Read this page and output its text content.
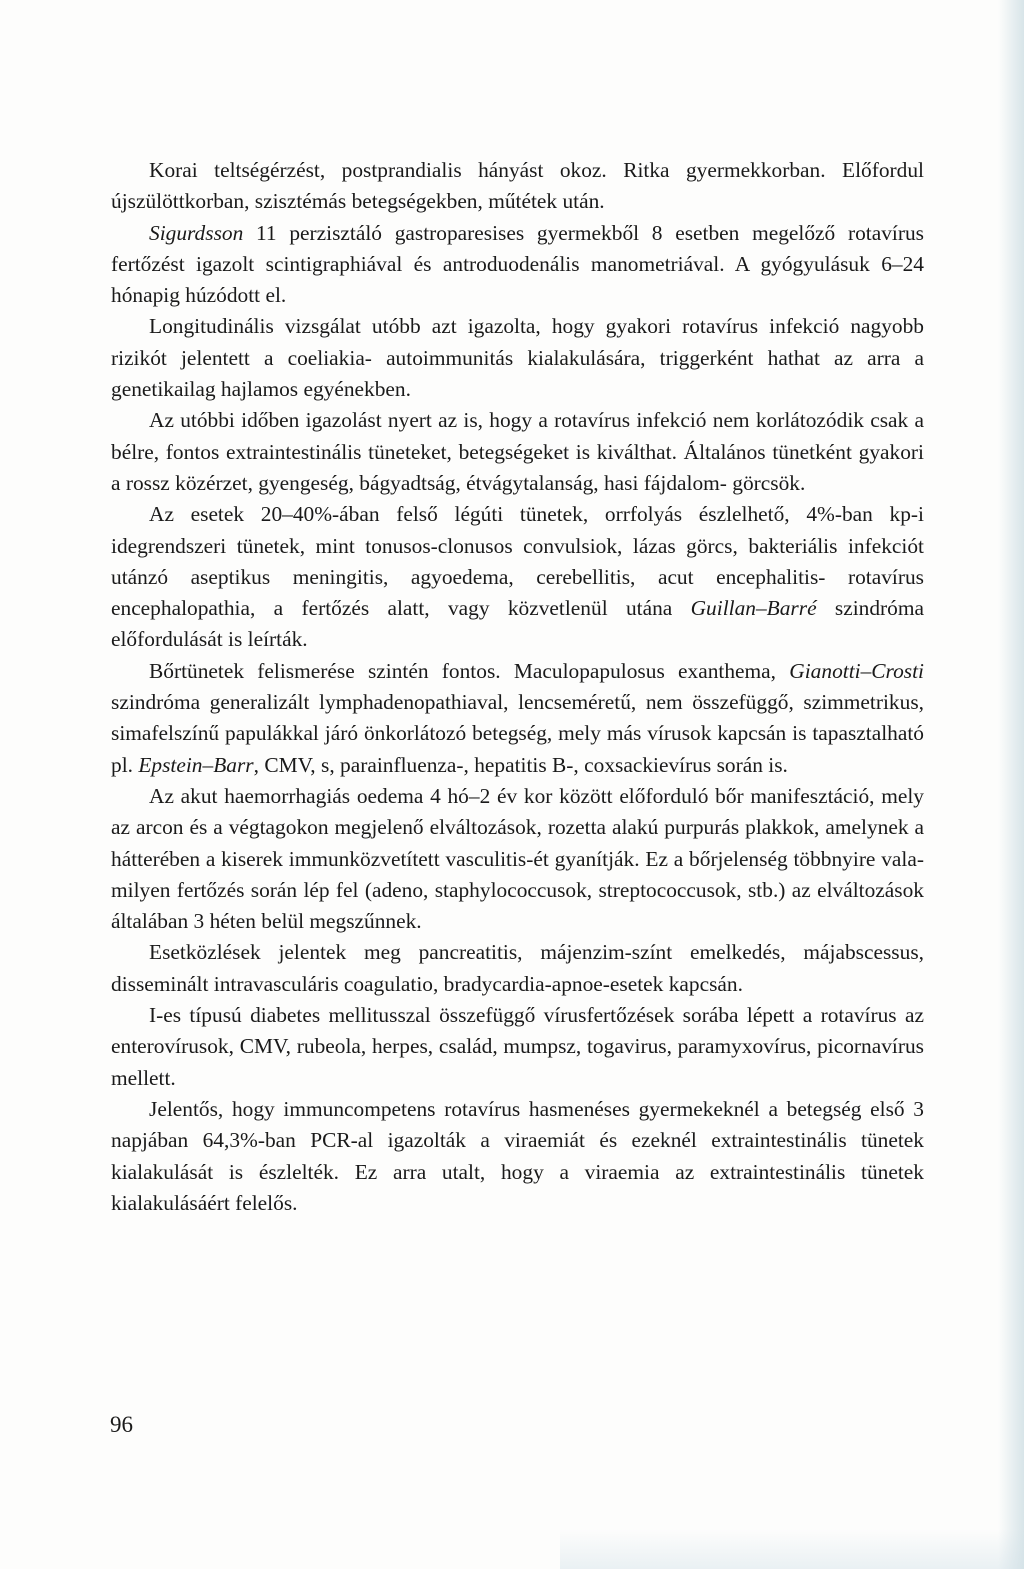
Korai teltségérzést, postprandialis hányást okoz. Ritka gyermekkorban. Előfordul újszülöttkorban, szisztémás betegségekben, műtétek után.

Sigurdsson 11 perzisztáló gastroparesises gyermekből 8 esetben megelőző rotavírus fertőzést igazolt scintigraphiával és antroduodenális manometriával. A gyógyulásuk 6–24 hónapig húzódott el.

Longitudinális vizsgálat utóbb azt igazolta, hogy gyakori rotavírus infekció nagyobb rizikót jelentett a coeliakia- autoimmunitás kialakulására, triggerként hathat az arra a genetikailag hajlamos egyénekben.

Az utóbbi időben igazolást nyert az is, hogy a rotavírus infekció nem korlátozódik csak a bélre, fontos extraintestinális tüneteket, betegségeket is kiválthat. Általános tünetként gyakori a rossz közérzet, gyengeség, bágyadtság, étvágytalanság, hasi fájdalom- görcsök.

Az esetek 20–40%-ában felső légúti tünetek, orrfolyás észlelhető, 4%-ban kp-i idegrendszeri tünetek, mint tonusos-clonusos convulsiok, lázas görcs, bakteriális infekciót utánzó aseptikus meningitis, agyoedema, cerebellitis, acut encephalitis- rotavírus encephalopathia, a fertőzés alatt, vagy közvetlenül utána Guillan–Barré szindróma előfordulását is leírták.

Bőrtünetek felismerése szintén fontos. Maculopapulosus exanthema, Gianotti–Crosti szindróma generalizált lymphadenopathiaval, lencseméretű, nem összefüggő, szimmetrikus, simafelszínű papulákkal járó önkorlátozó betegség, mely más vírusok kapcsán is tapasztalható pl. Epstein–Barr, CMV, s, parainfluenza-, hepatitis B-, coxsackievírus során is.

Az akut haemorrhagiás oedema 4 hó–2 év kor között előforduló bőr manifesztáció, mely az arcon és a végtagokon megjelenő elváltozások, rozetta alakú purpurás plakkok, amelynek a hátterében a kiserek immunközvetített vasculitis-ét gyanítják. Ez a bőrjelenség többnyire valamilyen fertőzés során lép fel (adeno, staphylococcusok, streptococcusok, stb.) az elváltozások általában 3 héten belül megszűnnek.

Esetközlések jelentek meg pancreatitis, májenzim-színt emelkedés, májabscessus, disseminált intravasculáris coagulatio, bradycardia-apnoe-esetek kapcsán.

I-es típusú diabetes mellitusszal összefüggő vírusfertőzések sorába lépett a rotavírus az enterovírusok, CMV, rubeola, herpes, család, mumpsz, togavirus, paramyxovírus, picornavírus mellett.

Jelentős, hogy immuncompetens rotavírus hasmenéses gyermekeknél a betegség első 3 napjában 64,3%-ban PCR-al igazolták a viraemiát és ezeknél extraintestinális tünetek kialakulását is észlelték. Ez arra utalt, hogy a viraemia az extraintestinális tünetek kialakulásáért felelős.

96
